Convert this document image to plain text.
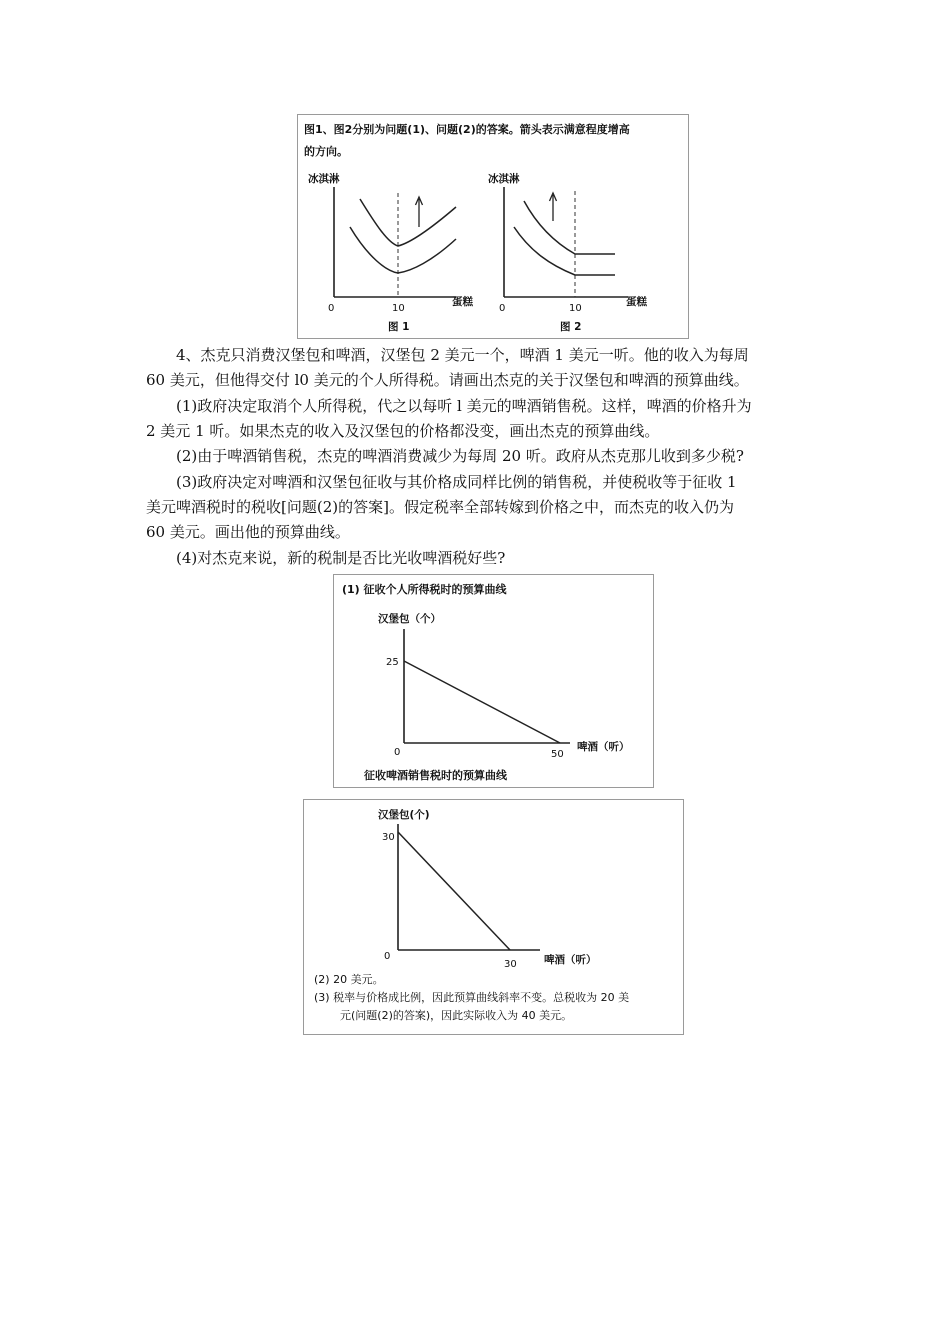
图1、图2分别为问题(1)、问题(2)的答案。箭头表示满意程度增高
的方向。
冰淇淋
0	10
蛋糕
图 1
冰淇淋
0	10
蛋糕
图 2

4、杰克只消费汉堡包和啤酒，汉堡包 2 美元一个，啤酒 1 美元一听。他的收入为每周

60 美元，但他得交付 l0 美元的个人所得税。请画出杰克的关于汉堡包和啤酒的预算曲线。

(1)政府决定取消个人所得税，代之以每听 l 美元的啤酒销售税。这样，啤酒的价格升为

2 美元 1 听。如果杰克的收入及汉堡包的价格都没变，画出杰克的预算曲线。

(2)由于啤酒销售税，杰克的啤酒消费减少为每周 20 听。政府从杰克那儿收到多少税?

(3)政府决定对啤酒和汉堡包征收与其价格成同样比例的销售税，并使税收等于征收 1

美元啤酒税时的税收[问题(2)的答案]。假定税率全部转嫁到价格之中，而杰克的收入仍为

60 美元。画出他的预算曲线。

(4)对杰克来说，新的税制是否比光收啤酒税好些?

(1) 征收个人所得税时的预算曲线
汉堡包（个）
25
0	50
啤酒（听）
征收啤酒销售税时的预算曲线
汉堡包(个)
30
0
30	啤酒（听）
(2) 20 美元。
(3) 税率与价格成比例，因此预算曲线斜率不变。总税收为 20 美
元(问题(2)的答案)，因此实际收入为 40 美元。
